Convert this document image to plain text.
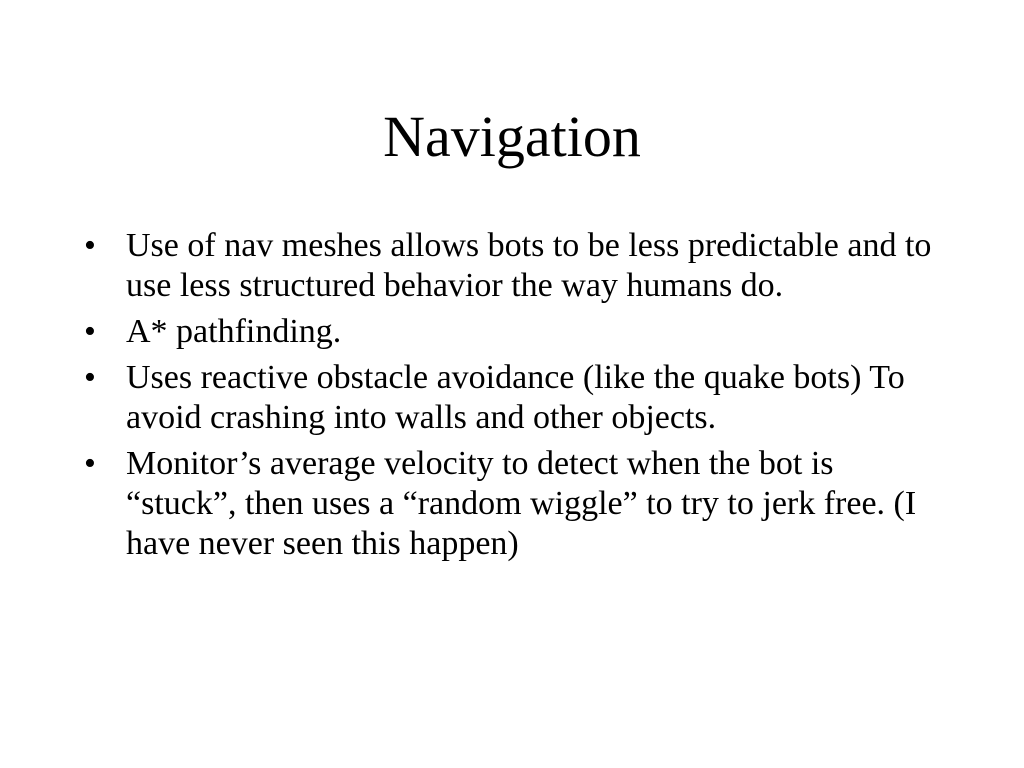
Navigation
• Use of nav meshes allows bots to be less predictable and to use less structured behavior the way humans do.
• A* pathfinding.
• Uses reactive obstacle avoidance (like the quake bots) To avoid crashing into walls and other objects.
• Monitor’s average velocity to detect when the bot is “stuck”, then uses a “random wiggle” to try to jerk free. (I have never seen this happen)
